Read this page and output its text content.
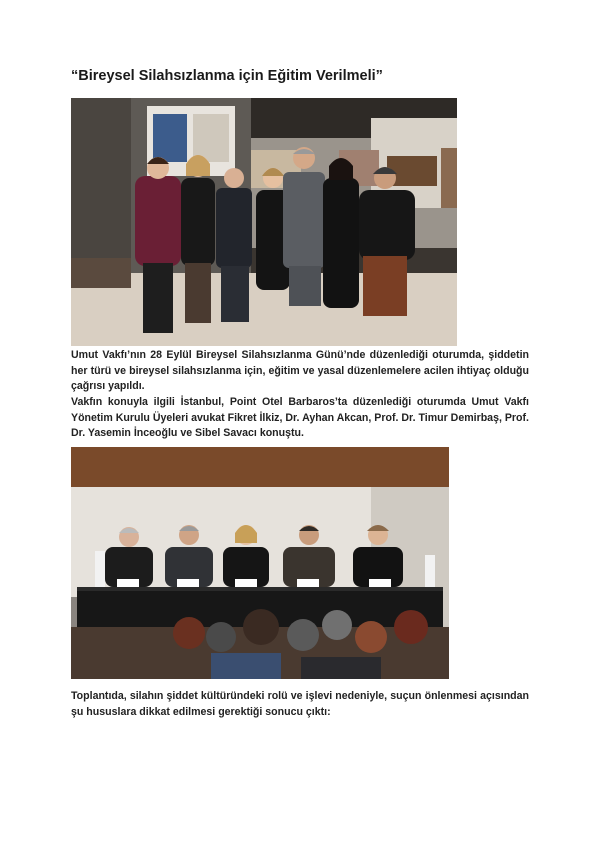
“Bireysel Silahsızlanma için Eğitim Verilmeli”

Umut Vakfı’nın 28 Eylül Bireysel Silahsızlanma Günü’nde düzenlediği oturumda, şiddetin her türü ve bireysel silahsızlanma için, eğitim ve yasal düzenlemelere acilen ihtiyaç olduğu çağrısı yapıldı.

Vakfın konuyla ilgili İstanbul, Point Otel Barbaros’ta düzenlediği oturumda Umut Vakfı Yönetim Kurulu Üyeleri avukat Fikret İlkiz, Dr. Ayhan Akcan, Prof. Dr. Timur Demirbaş, Prof. Dr. Yasemin İnceoğlu ve Sibel Savacı konuştu.

Toplantıda, silahın şiddet kültüründeki rolü ve işlevi nedeniyle, suçun önlenmesi açısından şu hususlara dikkat edilmesi gerektiği sonucu çıktı:
